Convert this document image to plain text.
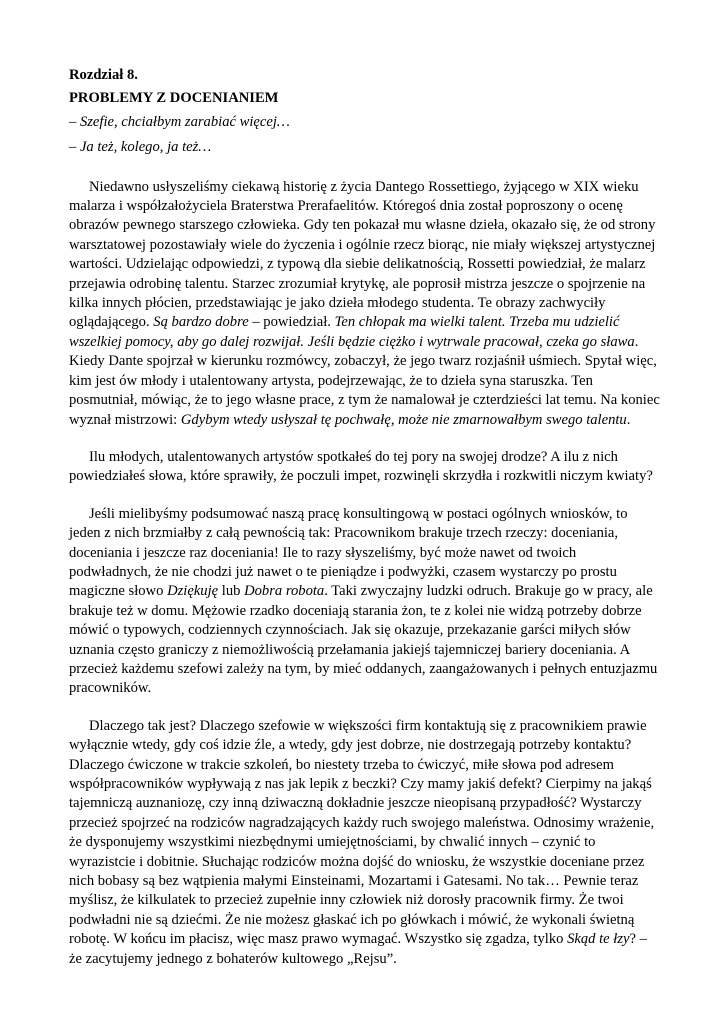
Rozdział 8.

PROBLEMY Z DOCENIANIEM

– Szefie, chciałbym zarabiać więcej…

– Ja też, kolego, ja też…

Niedawno usłyszeliśmy ciekawą historię z życia Dantego Rossettiego, żyjącego w XIX wieku malarza i współzałożyciela Braterstwa Prerafaelitów. Któregoś dnia został poproszony o ocenę obrazów pewnego starszego człowieka. Gdy ten pokazał mu własne dzieła, okazało się, że od strony warsztatowej pozostawiały wiele do życzenia i ogólnie rzecz biorąc, nie miały większej artystycznej wartości. Udzielając odpowiedzi, z typową dla siebie delikatnością, Rossetti powiedział, że malarz przejawia odrobinę talentu. Starzec zrozumiał krytykę, ale poprosił mistrza jeszcze o spojrzenie na kilka innych płócien, przedstawiając je jako dzieła młodego studenta. Te obrazy zachwyciły oglądającego. Są bardzo dobre – powiedział. Ten chłopak ma wielki talent. Trzeba mu udzielić wszelkiej pomocy, aby go dalej rozwijał. Jeśli będzie ciężko i wytrwale pracował, czeka go sława. Kiedy Dante spojrzał w kierunku rozmówcy, zobaczył, że jego twarz rozjaśnił uśmiech. Spytał więc, kim jest ów młody i utalentowany artysta, podejrzewając, że to dzieła syna staruszka. Ten posmutniał, mówiąc, że to jego własne prace, z tym że namalował je czterdzieści lat temu. Na koniec wyznał mistrzowi: Gdybym wtedy usłyszał tę pochwałę, może nie zmarnowałbym swego talentu.

Ilu młodych, utalentowanych artystów spotkałeś do tej pory na swojej drodze? A ilu z nich powiedziałeś słowa, które sprawiły, że poczuli impet, rozwinęli skrzydła i rozkwitli niczym kwiaty?

Jeśli mielibyśmy podsumować naszą pracę konsultingową w postaci ogólnych wniosków, to jeden z nich brzmiałby z całą pewnością tak: Pracownikom brakuje trzech rzeczy: doceniania, doceniania i jeszcze raz doceniania! Ile to razy słyszeliśmy, być może nawet od twoich podwładnych, że nie chodzi już nawet o te pieniądze i podwyżki, czasem wystarczy po prostu magiczne słowo Dziękuję lub Dobra robota. Taki zwyczajny ludzki odruch. Brakuje go w pracy, ale brakuje też w domu. Mężowie rzadko doceniają starania żon, te z kolei nie widzą potrzeby dobrze mówić o typowych, codziennych czynnościach. Jak się okazuje, przekazanie garści miłych słów uznania często graniczy z niemożliwością przełamania jakiejś tajemniczej bariery doceniania. A przecież każdemu szefowi zależy na tym, by mieć oddanych, zaangażowanych i pełnych entuzjazmu pracowników.

Dlaczego tak jest? Dlaczego szefowie w większości firm kontaktują się z pracownikiem prawie wyłącznie wtedy, gdy coś idzie źle, a wtedy, gdy jest dobrze, nie dostrzegają potrzeby kontaktu? Dlaczego ćwiczone w trakcie szkoleń, bo niestety trzeba to ćwiczyć, miłe słowa pod adresem współpracowników wypływają z nas jak lepik z beczki? Czy mamy jakiś defekt? Cierpimy na jakąś tajemniczą auznaniozę, czy inną dziwaczną dokładnie jeszcze nieopisaną przypadłość? Wystarczy przecież spojrzeć na rodziców nagradzających każdy ruch swojego maleństwa. Odnosimy wrażenie, że dysponujemy wszystkimi niezbędnymi umiejętnościami, by chwalić innych – czynić to wyrazistcie i dobitnie. Słuchając rodziców można dojść do wniosku, że wszystkie doceniane przez nich bobasy są bez wątpienia małymi Einsteinami, Mozartami i Gatesami. No tak… Pewnie teraz myślisz, że kilkulatek to przecież zupełnie inny człowiek niż dorosły pracownik firmy. Że twoi podwładni nie są dziećmi. Że nie możesz głaskać ich po główkach i mówić, że wykonali świetną robotę. W końcu im płacisz, więc masz prawo wymagać. Wszystko się zgadza, tylko Skąd te łzy? – że zacytujemy jednego z bohaterów kultowego „Rejsu”.
